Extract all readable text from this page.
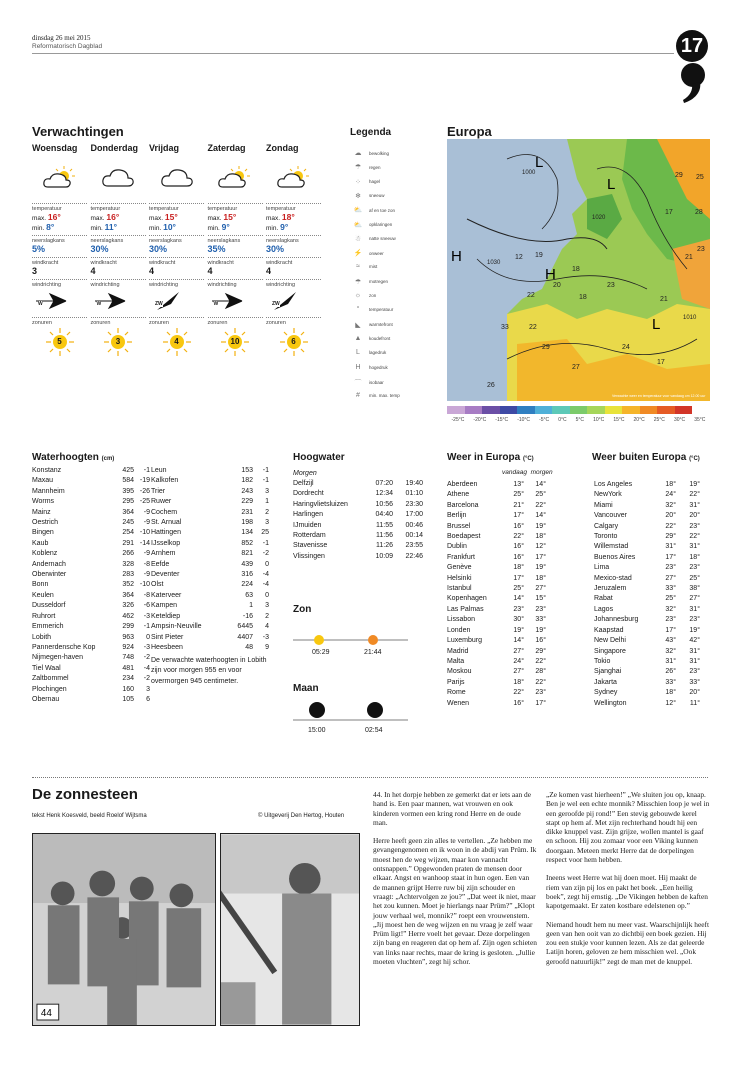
dinsdag 26 mei 2015
Reformatorisch Dagblad	17
Verwachtingen
Woensdag
temperatuur
max. 16°
min. 8°
neerslagkans
5%
windkracht
3
windrichting
W
zonuren
5
Donderdag
temperatuur
max. 16°
min. 11°
neerslagkans
30%
windkracht
4
windrichting
W
zonuren
3
Vrijdag
temperatuur
max. 15°
min. 10°
neerslagkans
30%
windkracht
4
windrichting
ZW
zonuren
4
Zaterdag
temperatuur
max. 15°
min. 9°
neerslagkans
35%
windkracht
4
windrichting
W
zonuren
10
Zondag
temperatuur
max. 18°
min. 9°
neerslagkans
30%
windkracht
4
windrichting
ZW
zonuren
6
Legenda
☁	bewolking
☂	regen
⁘	hagel
❄	sneeuw
⛅	af en toe zon
⛅	opklaringen
☃	natte sneeuw
⚡	onweer
≈	mist
☂	motregen
☼	zon
°	temperatuur
◣	warmtefront
▲	koudefront
L	lagedruk
H	hogedruk
⌒	isobaar
#	min. max. temp
Europa
H
H
L
L
L
29 25
17	28
21
23
20
12 19
22
33	22
24
27
26
29
17
21
18
23
18
1000
1010
1030
1020
Verwachte weer en temperatuur voor vandaag om 12.00 uur
-25°C -20°C -15°C -10°C -5°C 0°C 5°C 10°C 15°C 20°C 25°C 30°C 35°C
Waterhoogten (cm)
Konstanz	425	-1
Maxau	584 -19
Mannheim	395 -26
Worms	295 -25
Mainz	364	-9
Oestrich	245	-9
Bingen	254 -10
Kaub	291 -14
Koblenz	266	-9
Andernach	328	-8
Oberwinter	283	-9
Bonn	352 -10
Keulen	364	-8
Dusseldorf	326	-6
Ruhrort	462	-3
Emmerich	299	-1
Lobith	963	0
Pannerdensche Kop	924	-3
Nijmegen-haven	748	-2
Tiel Waal	481	-4
Zaltbommel	234	-2
Plochingen	160	3
Obernau	105	6
Leun	153	-1
Kalkofen	182	-1
Trier	243	3
Ruwer	229	1
Cochem	231	2
St. Arnual	198	3
Hattingen	134	25
IJsselkop	852	-1
Arnhem	821	-2
Eefde	439	0
Deventer	316	-4
Olst	224	-4
Katerveer	63	0
Kampen	1	3
Keteldiep	-16	2
Ampsin-Neuville	6445	4
Sint Pieter	4407	-3
Heesbeen	48	9
De verwachte waterhoogten in Lobith zijn voor morgen 955 en voor overmorgen 945 centimeter.
Hoogwater
Morgen
Delfzijl	07:20	19:40
Dordrecht	12:34	01:10
Haringvlietsluizen	10:56	23:30
Harlingen	04:40	17:00
IJmuiden	11:55	00:46
Rotterdam	11:56	00:14
Stavenisse	11:26	23:55
Vlissingen	10:09	22:46
Zon
05:29	21:44
Maan
15:00	02:54
Weer in Europa (°C)
vandaag morgen
Aberdeen	13°	14°
Athene	25°	25°
Barcelona	21°	22°
Berlijn	17°	14°
Brussel	16°	19°
Boedapest	22°	18°
Dublin	16°	12°
Frankfurt	16°	17°
Genève	18°	19°
Helsinki	17°	18°
Istanbul	25°	27°
Kopenhagen	14°	15°
Las Palmas	23°	23°
Lissabon	30°	33°
Londen	19°	19°
Luxemburg	14°	16°
Madrid	27°	29°
Malta	24°	22°
Moskou	27°	28°
Parijs	18°	22°
Rome	22°	23°
Wenen	16°	17°
Weer buiten Europa (°C)
Los Angeles	18°	19°
NewYork	24°	22°
Miami	32°	31°
Vancouver	20°	20°
Calgary	22°	23°
Toronto	29°	22°
Willemstad	31°	31°
Buenos Aires	17°	18°
Lima	23°	23°
Mexico-stad	27°	25°
Jeruzalem	33°	38°
Rabat	25°	27°
Lagos	32°	31°
Johannesburg	23°	23°
Kaapstad	17°	19°
New Delhi	43°	42°
Singapore	32°	31°
Tokio	31°	31°
Sjanghai	26°	23°
Jakarta	33°	33°
Sydney	18°	20°
Wellington	12°	11°
De zonnesteen
tekst Henk Koesveld, beeld Roelof Wijtsma	© Uitgeverij Den Hertog, Houten
44

44. In het dorpje hebben ze gemerkt dat er iets aan de hand is. Een paar mannen, wat vrouwen en ook kinderen vormen een kring rond Herre en de oude man.

Herre heeft geen zin alles te vertellen. „Ze hebben me gevangengenomen en ik woon in de abdij van Prüm. Ik moest hen de weg wijzen, maar kon vannacht ontsnappen.” Opgewonden praten de mensen door elkaar. Angst en wanhoop staat in hun ogen. Een van de mannen grijpt Herre ruw bij zijn schouder en vraagt: „Achtervolgen ze jou?” „Dat weet ik niet, maar het zou kunnen. Moet je hierlangs naar Prüm?” „Klopt jouw verhaal wel, monnik?” roept een vrouwenstem. „Jij moest hen de weg wijzen en nu vraag je zelf waar Prüm ligt!” Herre voelt het gevaar. Deze dorpelingen zijn bang en reageren dat op hem af. Zijn ogen schieten van links naar rechts, maar de kring is gesloten. „Jullie moeten vluchten”, zegt hij schor.

„Ze komen vast hierheen!” „We sluiten jou op, knaap. Ben je wel een echte monnik? Misschien loop je wel in een geroofde pij rond!” Een stevig gebouwde kerel stapt op hem af. Met zijn rechterhand houdt hij een dikke knuppel vast. Zijn grijze, wollen mantel is gaaf en schoon. Hij zou zomaar voor een Viking kunnen doorgaan. Meteen merkt Herre dat de dorpelingen respect voor hem hebben.

Ineens weet Herre wat hij doen moet. Hij maakt de riem van zijn pij los en pakt het boek. „Een heilig boek”, zegt hij ernstig. „De Vikingen hebben de kaften kapotgemaakt. Er zaten kostbare edelstenen op.”

Niemand houdt hem nu meer vast. Waarschijnlijk heeft geen van hen ooit van zo dichtbij een boek gezien. Hij zou een stukje voor kunnen lezen. Als ze dat geleerde Latijn horen, geloven ze hem misschien wel. „Ook geroofd natuurlijk!” zegt de man met de knuppel.
